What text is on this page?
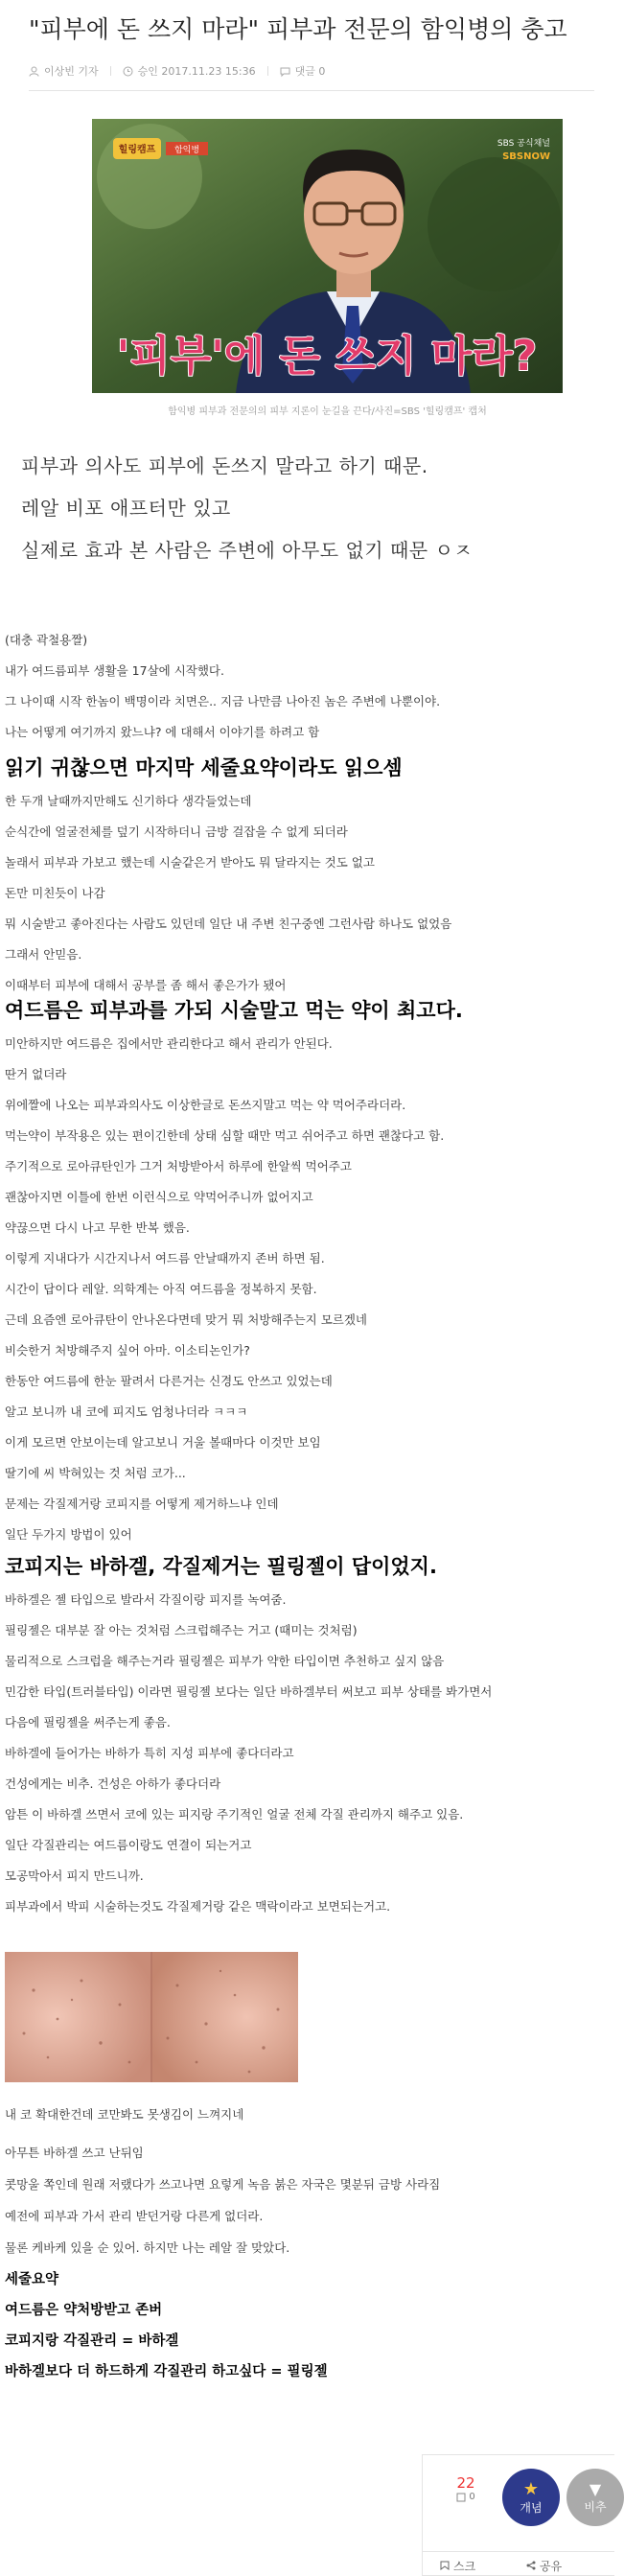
"피부에 돈 쓰지 마라" 피부과 전문의 함익병의 충고
이상빈 기자	승인 2017.11.23 15:36	댓글 0
힐링캠프 함익병
SBS 공식채널
SBSNOW
'피부'에 돈 쓰지 마라?
함익병 피부과 전문의의 피부 지론이 눈길을 끈다/사진=SBS '힐링캠프' 캡처
피부과 의사도 피부에 돈쓰지 말라고 하기 때문.
레알 비포 애프터만 있고
실제로 효과 본 사람은 주변에 아무도 없기 때문 ㅇㅈ
(대충 곽철용짤)
내가 여드름피부 생활을 17살에 시작했다.
그 나이때 시작 한놈이 백명이라 치면은.. 지금 나만큼 나아진 놈은 주변에 나뿐이야.
나는 어떻게 여기까지 왔느냐? 에 대해서 이야기를 하려고 함
읽기 귀찮으면 마지막 세줄요약이라도 읽으셈
한 두개 날때까지만해도 신기하다 생각들었는데
순식간에 얼굴전체를 덮기 시작하더니 금방 걸잡을 수 없게 되더라
놀래서 피부과 가보고 했는데 시술같은거 받아도 뭐 달라지는 것도 없고
돈만 미친듯이 나감
뭐 시술받고 좋아진다는 사람도 있던데 일단 내 주변 친구중엔 그런사람 하나도 없었음
그래서 안믿음.
이때부터 피부에 대해서 공부를 좀 해서 좋은가가 됐어
여드름은 피부과를 가되 시술말고 먹는 약이 최고다.
미안하지만 여드름은 집에서만 관리한다고 해서 관리가 안된다.
딴거 없더라
위에짤에 나오는 피부과의사도 이상한글로 돈쓰지말고 먹는 약 먹어주라더라.
먹는약이 부작용은 있는 편이긴한데 상태 심할 때만 먹고 쉬어주고 하면 괜찮다고 함.
주기적으로 로아큐탄인가 그거 처방받아서 하루에 한알씩 먹어주고
괜찮아지면 이틀에 한번 이런식으로 약먹어주니까 없어지고
약끊으면 다시 나고 무한 반복 했음.
이렇게 지내다가 시간지나서 여드름 안날때까지 존버 하면 됨.
시간이 답이다 레알. 의학계는 아직 여드름을 정복하지 못함.
근데 요즘엔 로아큐탄이 안나온다면데 맞거 뭐 처방해주는지 모르겠네
비슷한거 처방해주지 싶어 아마. 이소티논인가?
한동안 여드름에 한눈 팔려서 다른거는 신경도 안쓰고 있었는데
알고 보니까 내 코에 피지도 엄청나더라 ㅋㅋㅋ
이게 모르면 안보이는데 알고보니 거울 볼때마다 이것만 보임
딸기에 씨 박혀있는 것 처럼 코가...
문제는 각질제거랑 코피지를 어떻게 제거하느냐 인데
일단 두가지 방법이 있어
코피지는 바하겔, 각질제거는 필링젤이 답이었지.
바하겔은 젤 타입으로 발라서 각질이랑 피지를 녹여줌.
필링젤은 대부분 잘 아는 것처럼 스크럽해주는 거고 (때미는 것처럼)
물리적으로 스크럽을 해주는거라 필링젤은 피부가 약한 타입이면 추천하고 싶지 않음
민감한 타입(트러블타입) 이라면 필링젤 보다는 일단 바하겔부터 써보고 피부 상태를 봐가면서
다음에 필링젤을 써주는게 좋음.
바하겔에 들어가는 바하가 특히 지성 피부에 좋다더라고
건성에게는 비추. 건성은 아하가 좋다더라
암튼 이 바하겔 쓰면서 코에 있는 피지랑 주기적인 얼굴 전체 각질 관리까지 해주고 있음.
일단 각질관리는 여드름이랑도 연결이 되는거고
모공막아서 피지 만드니까.
피부과에서 박피 시술하는것도 각질제거랑 같은 맥락이라고 보면되는거고.
내 코 확대한건데 코만봐도 못생김이 느껴지네
아무튼 바하겔 쓰고 난뒤임
콧망울 쪽인데 원래 저랬다가 쓰고나면 요렇게 녹음 붉은 자국은 몇분뒤 금방 사라짐
예전에 피부과 가서 관리 받던거랑 다른게 없더라.
물론 케바케 있을 순 있어. 하지만 나는 레알 잘 맞았다.
세줄요약
여드름은 약처방받고 존버
코피지랑 각질관리 = 바하겔
바하겔보다 더 하드하게 각질관리 하고싶다 = 필링젤
22
0	★
개념
▼
비추
스크	공유
